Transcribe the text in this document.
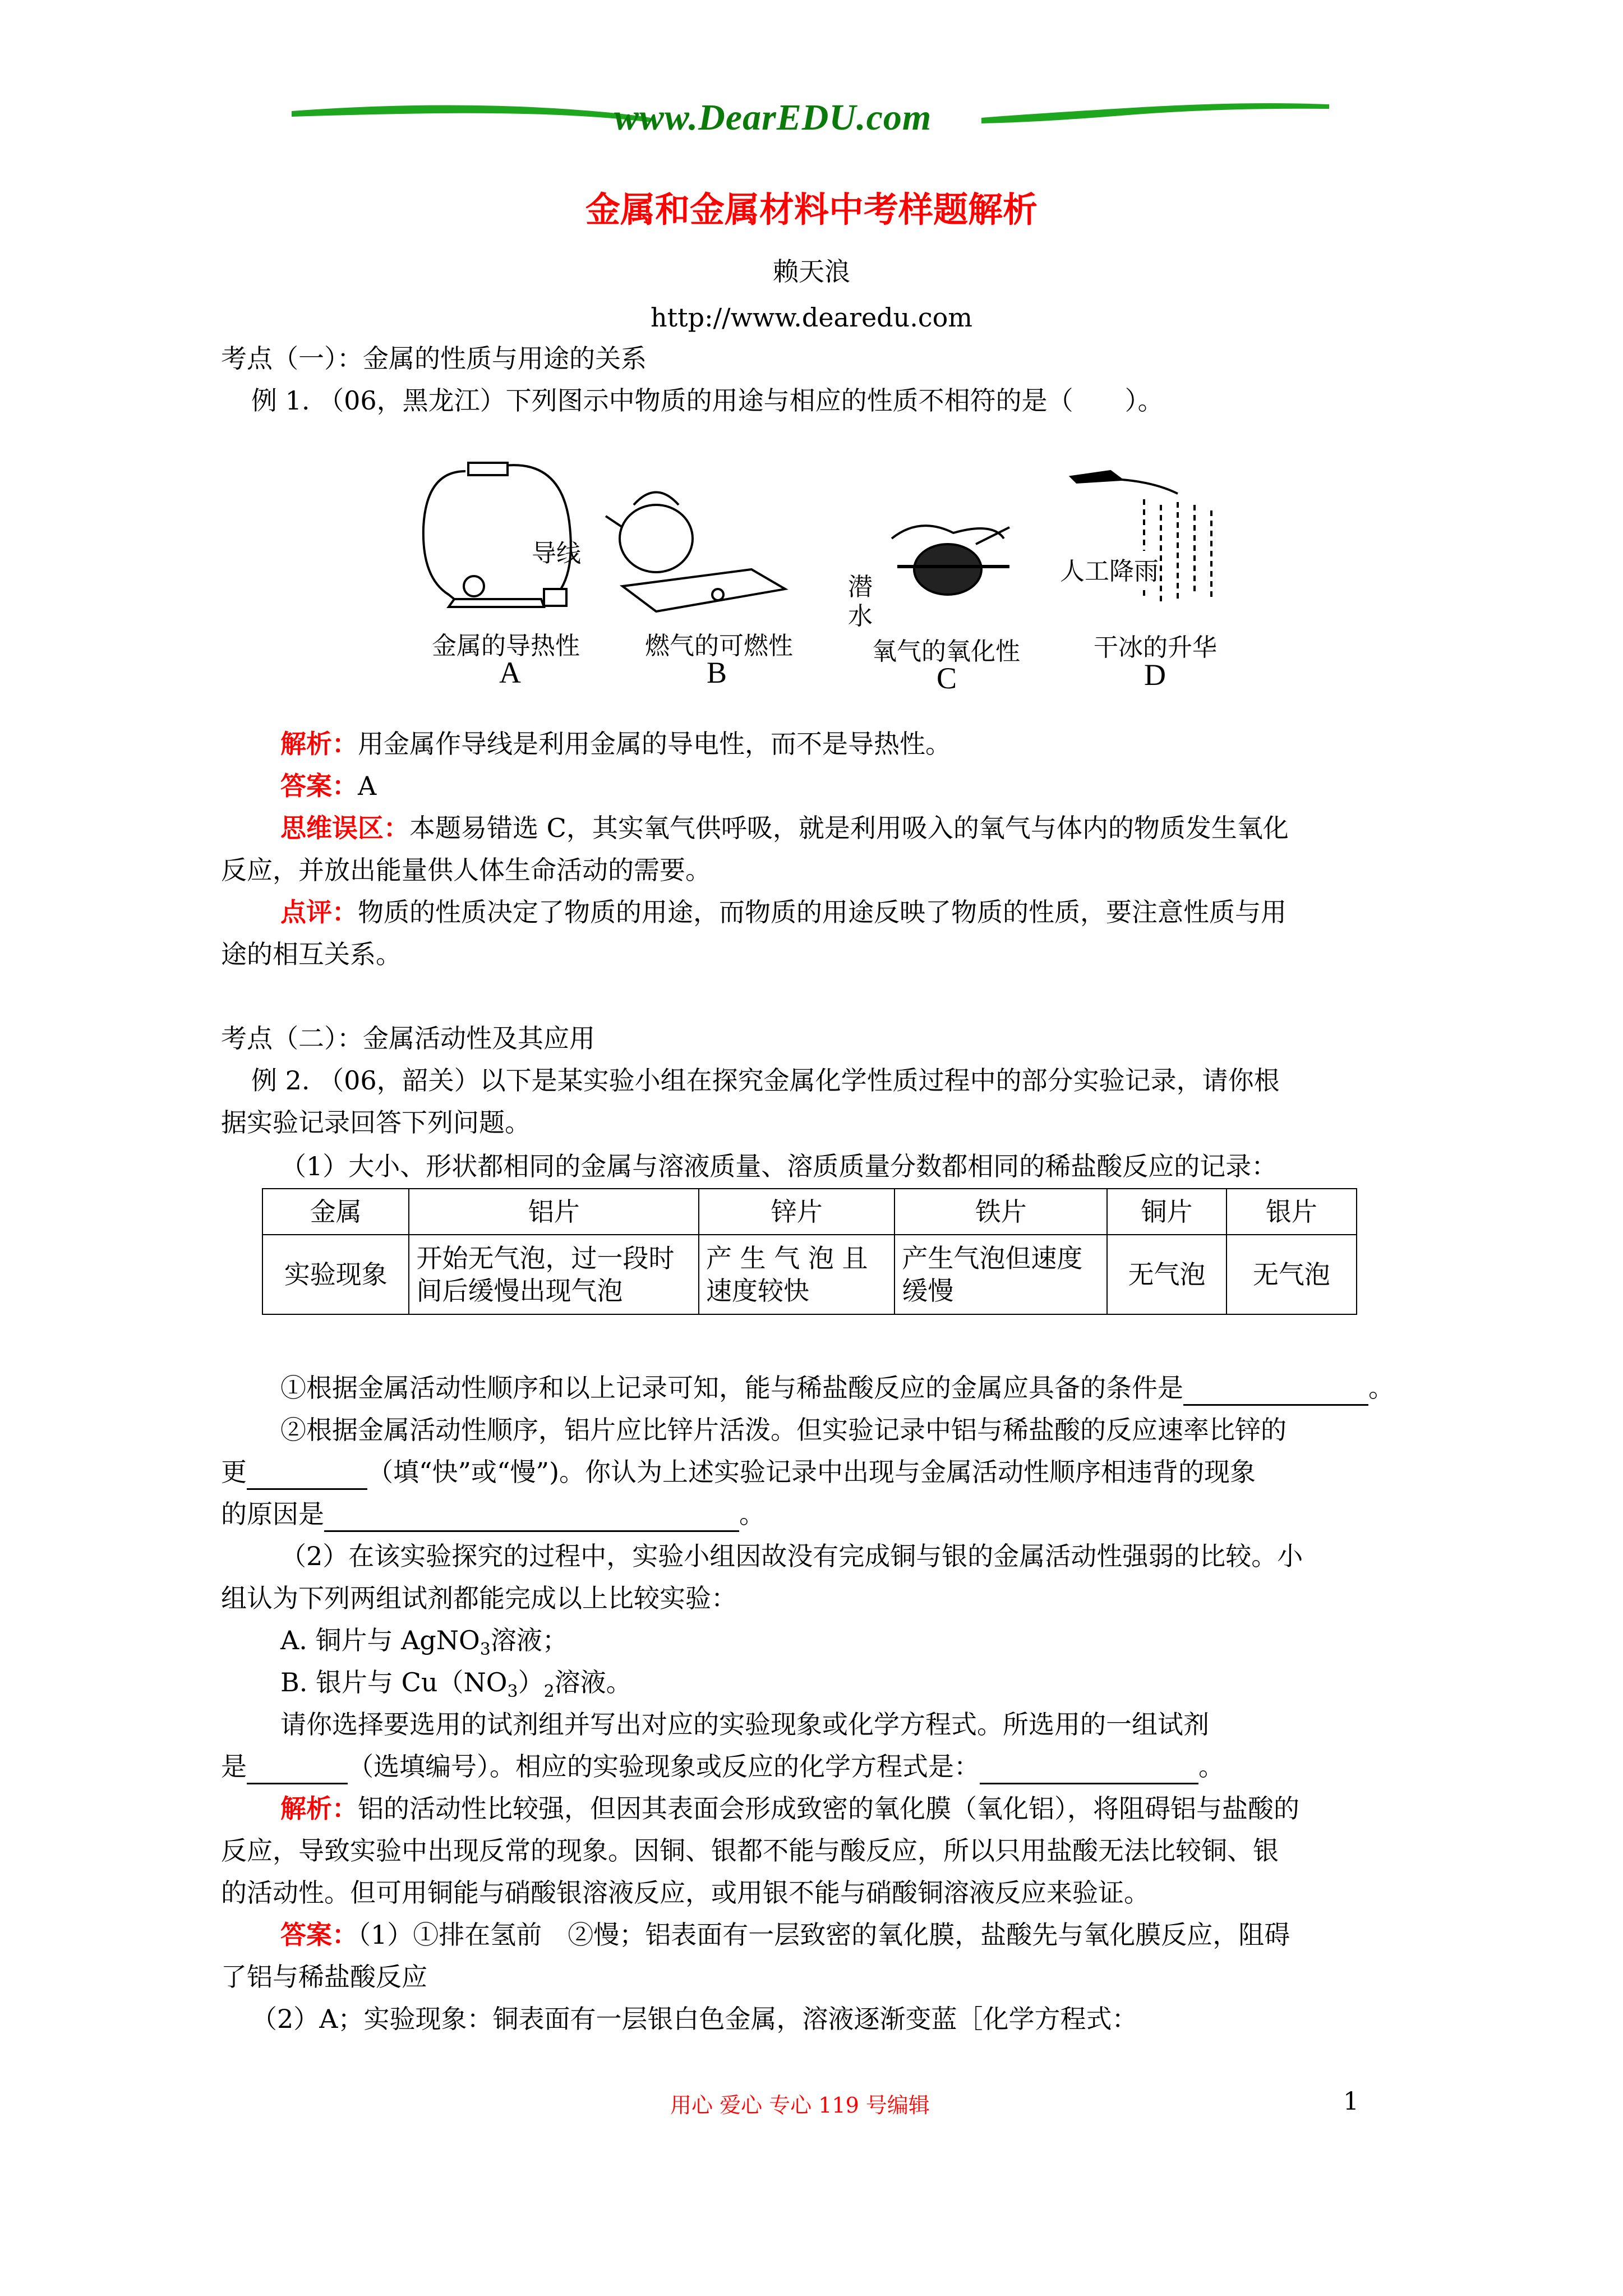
www.DearEDU.com
金属和金属材料中考样题解析
赖天浪
http://www.dearedu.com
考点（一）：金属的性质与用途的关系
例 1. （06，黑龙江）下列图示中物质的用途与相应的性质不相符的是（　　）。
导线
金属的导热性
A
燃气的可燃性
B
潜
水
氧气的氧化性
C
人工降雨
干冰的升华
D
解析：用金属作导线是利用金属的导电性，而不是导热性。
答案：A
思维误区：本题易错选 C，其实氧气供呼吸，就是利用吸入的氧气与体内的物质发生氧化
反应，并放出能量供人体生命活动的需要。
点评：物质的性质决定了物质的用途，而物质的用途反映了物质的性质，要注意性质与用
途的相互关系。
考点（二）：金属活动性及其应用
例 2. （06，韶关）以下是某实验小组在探究金属化学性质过程中的部分实验记录，请你根
据实验记录回答下列问题。
（1）大小、形状都相同的金属与溶液质量、溶质质量分数都相同的稀盐酸反应的记录：
金属	铝片	锌片	铁片	铜片	银片
实验现象	开始无气泡，过一段时间后缓慢出现气泡	产 生 气 泡 且速度较快	产生气泡但速度缓慢	无气泡	无气泡
①根据金属活动性顺序和以上记录可知，能与稀盐酸反应的金属应具备的条件是	。
②根据金属活动性顺序，铝片应比锌片活泼。但实验记录中铝与稀盐酸的反应速率比锌的
更	（填“快”或“慢”)。你认为上述实验记录中出现与金属活动性顺序相违背的现象
的原因是	。
（2）在该实验探究的过程中，实验小组因故没有完成铜与银的金属活动性强弱的比较。小
组认为下列两组试剂都能完成以上比较实验：
A. 铜片与 AgNO$_3$溶液；
B. 银片与 $Cu(NO_3)_2$溶液。
请你选择要选用的试剂组并写出对应的实验现象或化学方程式。所选用的一组试剂
是	（选填编号）。相应的实验现象或反应的化学方程式是：	。
解析：铝的活动性比较强，但因其表面会形成致密的氧化膜（氧化铝），将阻碍铝与盐酸的
反应，导致实验中出现反常的现象。因铜、银都不能与酸反应，所以只用盐酸无法比较铜、银
的活动性。但可用铜能与硝酸银溶液反应，或用银不能与硝酸铜溶液反应来验证。
答案：（1）①排在氢前　②慢；铝表面有一层致密的氧化膜，盐酸先与氧化膜反应，阻碍
了铝与稀盐酸反应
（2）A；实验现象：铜表面有一层银白色金属，溶液逐渐变蓝［化学方程式：
用心 爱心 专心 119 号编辑	1
